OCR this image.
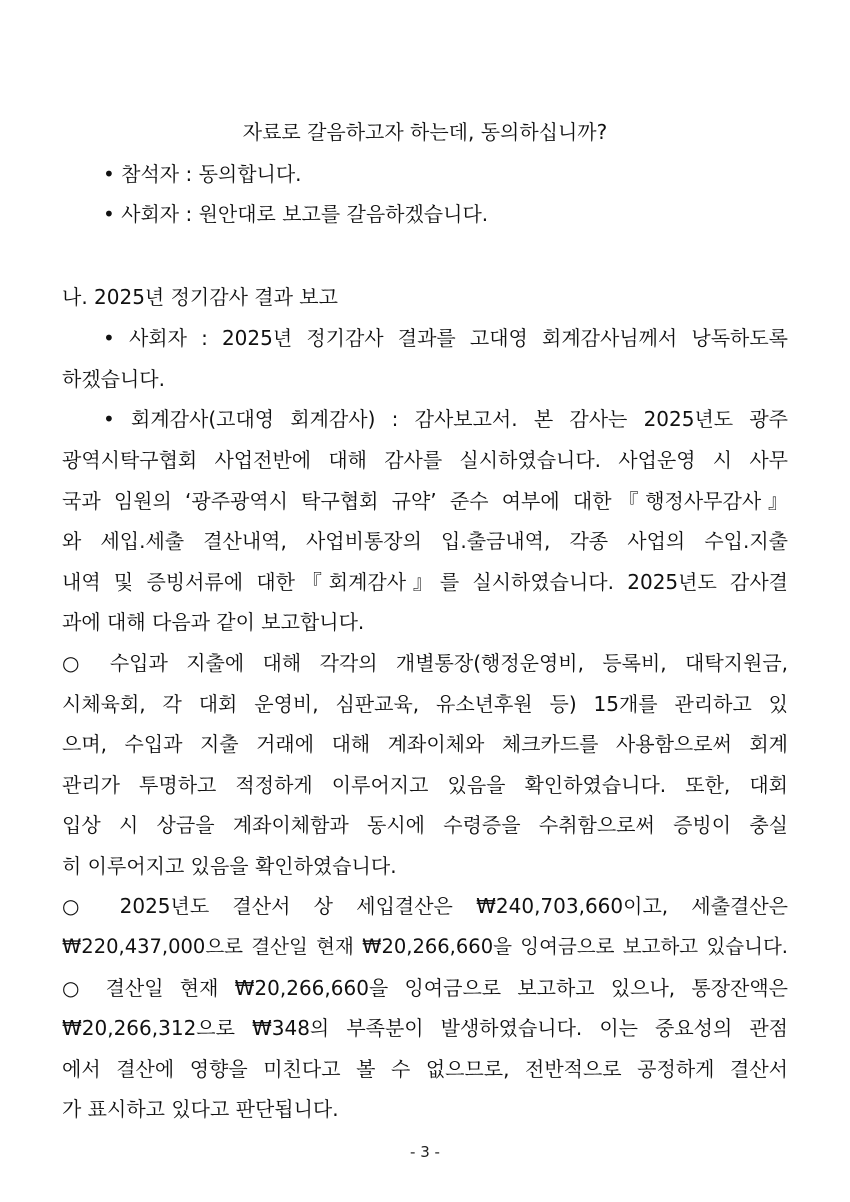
자료로 갈음하고자 하는데, 동의하십니까?
• 참석자 : 동의합니다.
• 사회자 : 원안대로 보고를 갈음하겠습니다.
나. 2025년 정기감사 결과 보고
• 사회자 : 2025년 정기감사 결과를 고대영 회계감사님께서 낭독하도록
하겠습니다.
• 회계감사(고대영 회계감사) : 감사보고서. 본 감사는 2025년도 광주
광역시탁구협회 사업전반에 대해 감사를 실시하였습니다. 사업운영 시 사무
국과 임원의 ‘광주광역시 탁구협회 규약’ 준수 여부에 대한『행정사무감사』
와 세입.세출 결산내역, 사업비통장의 입.출금내역, 각종 사업의 수입.지출
내역 및 증빙서류에 대한『회계감사』를 실시하였습니다. 2025년도 감사결
과에 대해 다음과 같이 보고합니다.
○ 수입과 지출에 대해 각각의 개별통장(행정운영비, 등록비, 대탁지원금,
시체육회, 각 대회 운영비, 심판교육, 유소년후원 등) 15개를 관리하고 있
으며, 수입과 지출 거래에 대해 계좌이체와 체크카드를 사용함으로써 회계
관리가 투명하고 적정하게 이루어지고 있음을 확인하였습니다. 또한, 대회
입상 시 상금을 계좌이체함과 동시에 수령증을 수취함으로써 증빙이 충실
히 이루어지고 있음을 확인하였습니다.
○ 2025년도 결산서 상 세입결산은 ₩240,703,660이고, 세출결산은
₩220,437,000으로 결산일 현재 ₩20,266,660을 잉여금으로 보고하고 있습니다.
○ 결산일 현재 ₩20,266,660을 잉여금으로 보고하고 있으나, 통장잔액은
₩20,266,312으로 ₩348의 부족분이 발생하였습니다. 이는 중요성의 관점
에서 결산에 영향을 미친다고 볼 수 없으므로, 전반적으로 공정하게 결산서
가 표시하고 있다고 판단됩니다.
- 3 -
